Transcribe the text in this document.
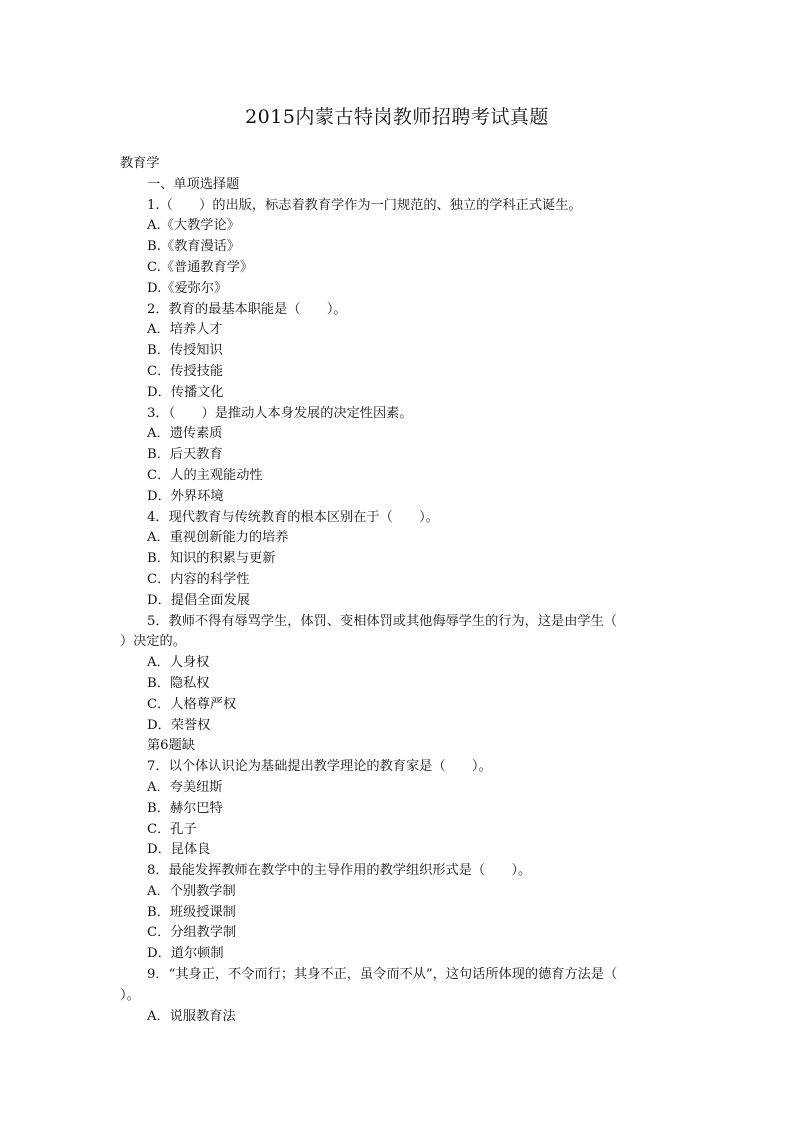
2015内蒙古特岗教师招聘考试真题
教育学
一、单项选择题
1.（　　）的出版，标志着教育学作为一门规范的、独立的学科正式诞生。
A.《大教学论》
B.《教育漫话》
C.《普通教育学》
D.《爱弥尔》
2．教育的最基本职能是（　　）。
A．培养人才
B．传授知识
C．传授技能
D．传播文化
3．（　　）是推动人本身发展的决定性因素。
A．遗传素质
B．后天教育
C．人的主观能动性
D．外界环境
4．现代教育与传统教育的根本区别在于（　　）。
A．重视创新能力的培养
B．知识的积累与更新
C．内容的科学性
D．提倡全面发展
5．教师不得有辱骂学生，体罚、变相体罚或其他侮辱学生的行为，这是由学生（
）决定的。
A．人身权
B．隐私权
C．人格尊严权
D．荣誉权
第6题缺
7．以个体认识论为基础提出教学理论的教育家是（　　）。
A．夸美纽斯
B．赫尔巴特
C．孔子
D．昆体良
8．最能发挥教师在教学中的主导作用的教学组织形式是（　　）。
A．个别教学制
B．班级授课制
C．分组教学制
D．道尔顿制
9．“其身正，不令而行；其身不正，虽令而不从”，这句话所体现的德育方法是（
）。
A．说服教育法
